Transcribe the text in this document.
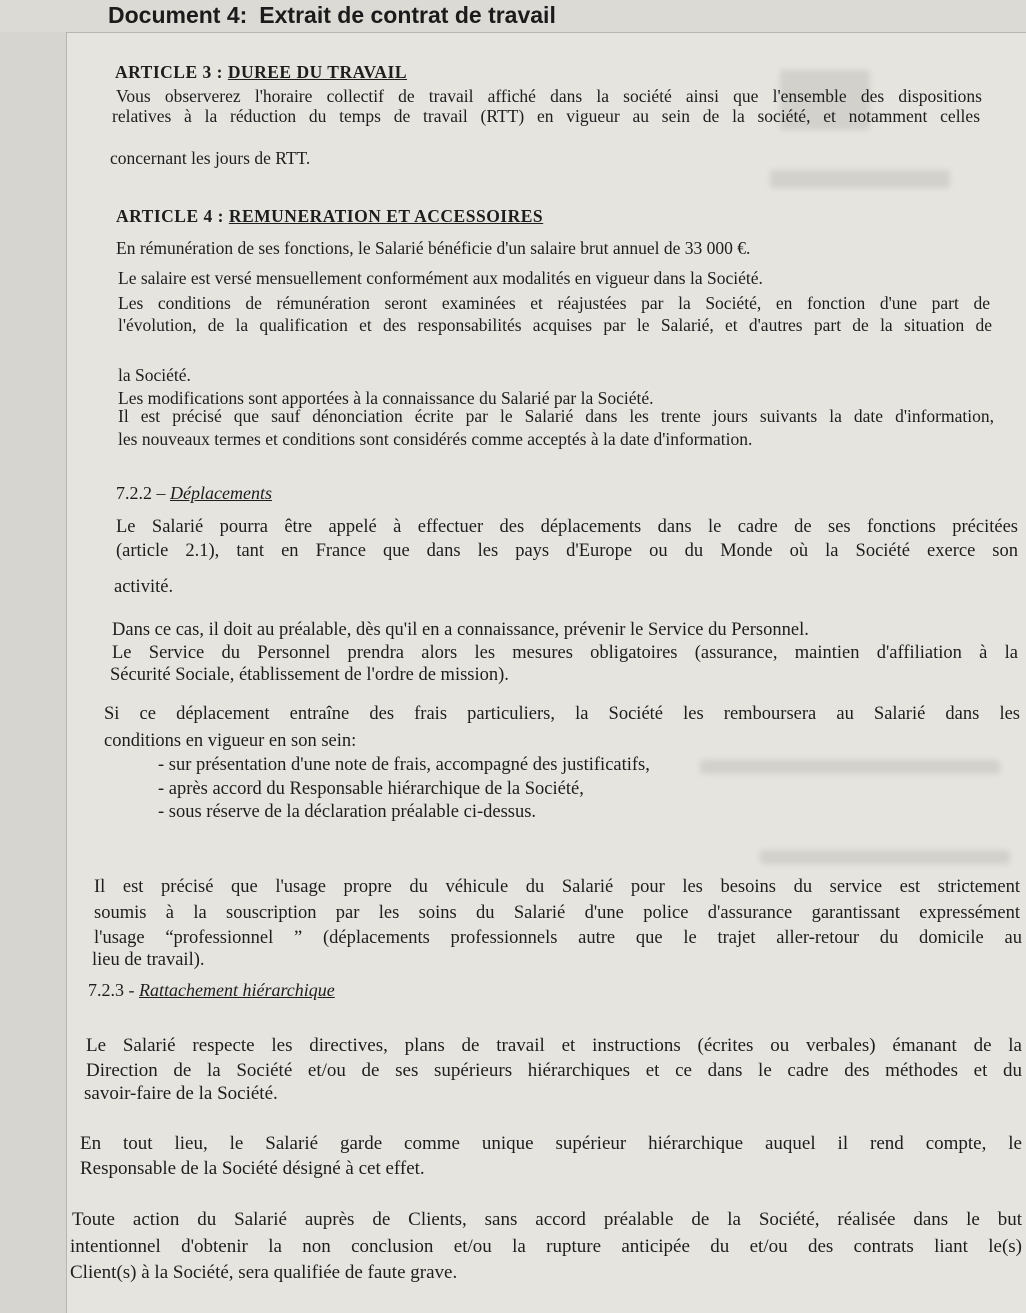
Document 4: Extrait de contrat de travail
ARTICLE 3 : DUREE DU TRAVAIL
Vous observerez l'horaire collectif de travail affiché dans la société ainsi que l'ensemble des dispositions
relatives à la réduction du temps de travail (RTT) en vigueur au sein de la société, et notamment celles
concernant les jours de RTT.
ARTICLE 4 : REMUNERATION ET ACCESSOIRES
En rémunération de ses fonctions, le Salarié bénéficie d'un salaire brut annuel de 33 000 €.
Le salaire est versé mensuellement conformément aux modalités en vigueur dans la Société.
Les conditions de rémunération seront examinées et réajustées par la Société, en fonction d'une part de
l'évolution, de la qualification et des responsabilités acquises par le Salarié, et d'autres part de la situation de
la Société.
Les modifications sont apportées à la connaissance du Salarié par la Société.
Il est précisé que sauf dénonciation écrite par le Salarié dans les trente jours suivants la date d'information,
les nouveaux termes et conditions sont considérés comme acceptés à la date d'information.
7.2.2 – Déplacements
Le Salarié pourra être appelé à effectuer des déplacements dans le cadre de ses fonctions précitées
(article 2.1), tant en France que dans les pays d'Europe ou du Monde où la Société exerce son
activité.
Dans ce cas, il doit au préalable, dès qu'il en a connaissance, prévenir le Service du Personnel.
Le Service du Personnel prendra alors les mesures obligatoires (assurance, maintien d'affiliation à la
Sécurité Sociale, établissement de l'ordre de mission).
Si ce déplacement entraîne des frais particuliers, la Société les remboursera au Salarié dans les
conditions en vigueur en son sein:
- sur présentation d'une note de frais, accompagné des justificatifs,
- après accord du Responsable hiérarchique de la Société,
- sous réserve de la déclaration préalable ci-dessus.
Il est précisé que l'usage propre du véhicule du Salarié pour les besoins du service est strictement
soumis à la souscription par les soins du Salarié d'une police d'assurance garantissant expressément
l'usage “professionnel ” (déplacements professionnels autre que le trajet aller-retour du domicile au
lieu de travail).
7.2.3 - Rattachement hiérarchique
Le Salarié respecte les directives, plans de travail et instructions (écrites ou verbales) émanant de la
Direction de la Société et/ou de ses supérieurs hiérarchiques et ce dans le cadre des méthodes et du
savoir-faire de la Société.
En tout lieu, le Salarié garde comme unique supérieur hiérarchique auquel il rend compte, le
Responsable de la Société désigné à cet effet.
Toute action du Salarié auprès de Clients, sans accord préalable de la Société, réalisée dans le but
intentionnel d'obtenir la non conclusion et/ou la rupture anticipée du et/ou des contrats liant le(s)
Client(s) à la Société, sera qualifiée de faute grave.
